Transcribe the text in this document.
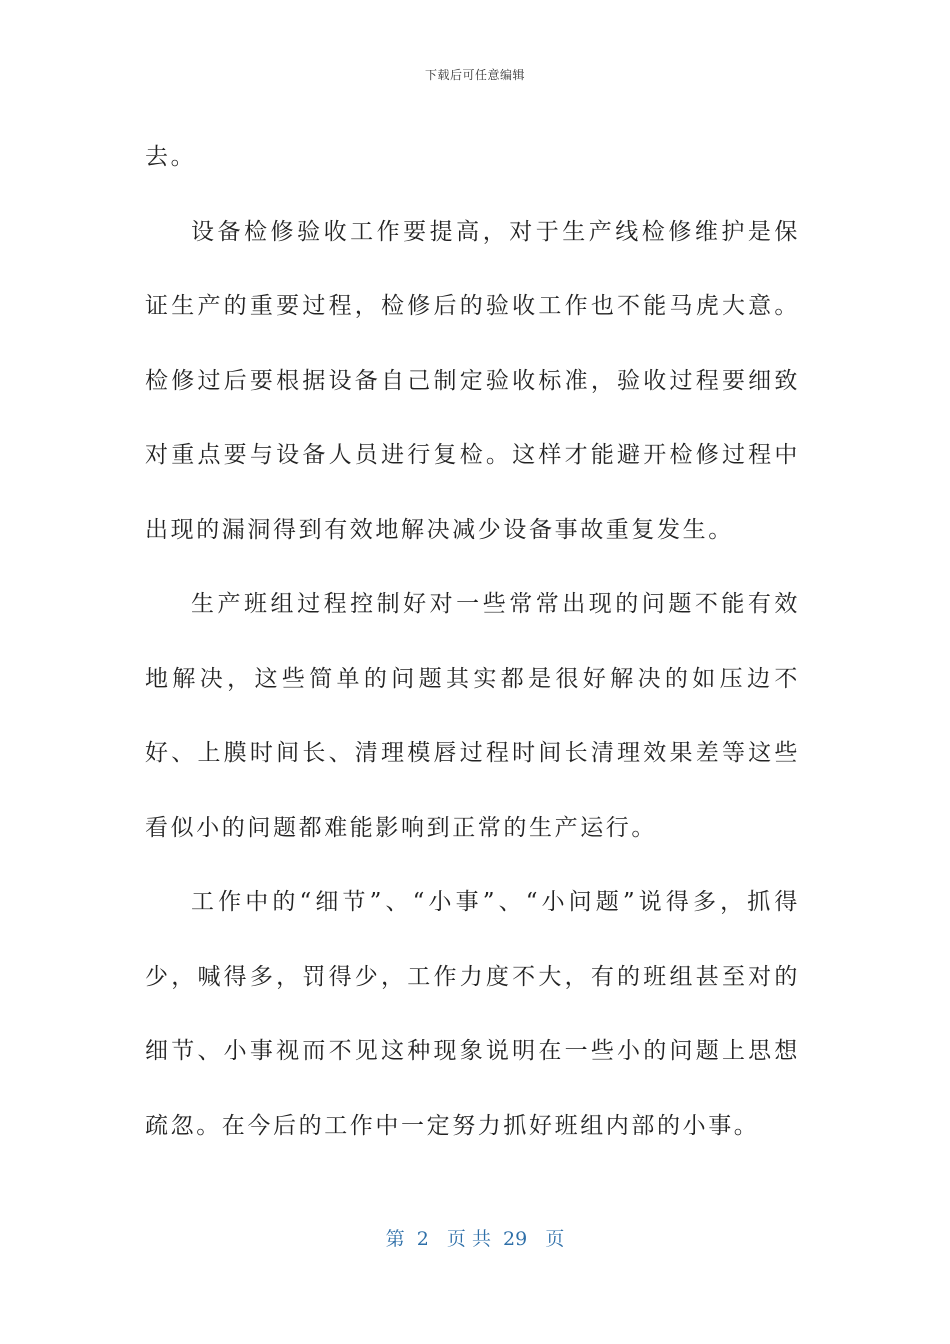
下载后可任意编辑

去。

设备检修验收工作要提高，对于生产线检修维护是保证生产的重要过程，检修后的验收工作也不能马虎大意。检修过后要根据设备自己制定验收标准，验收过程要细致对重点要与设备人员进行复检。这样才能避开检修过程中出现的漏洞得到有效地解决减少设备事故重复发生。

生产班组过程控制好对一些常常出现的问题不能有效地解决，这些简单的问题其实都是很好解决的如压边不好、上膜时间长、清理模唇过程时间长清理效果差等这些看似小的问题都难能影响到正常的生产运行。

工作中的“细节”、“小事”、“小问题”说得多，抓得少，喊得多，罚得少，工作力度不大，有的班组甚至对的细节、小事视而不见这种现象说明在一些小的问题上思想疏忽。在今后的工作中一定努力抓好班组内部的小事。

第  2   页 共  29   页
